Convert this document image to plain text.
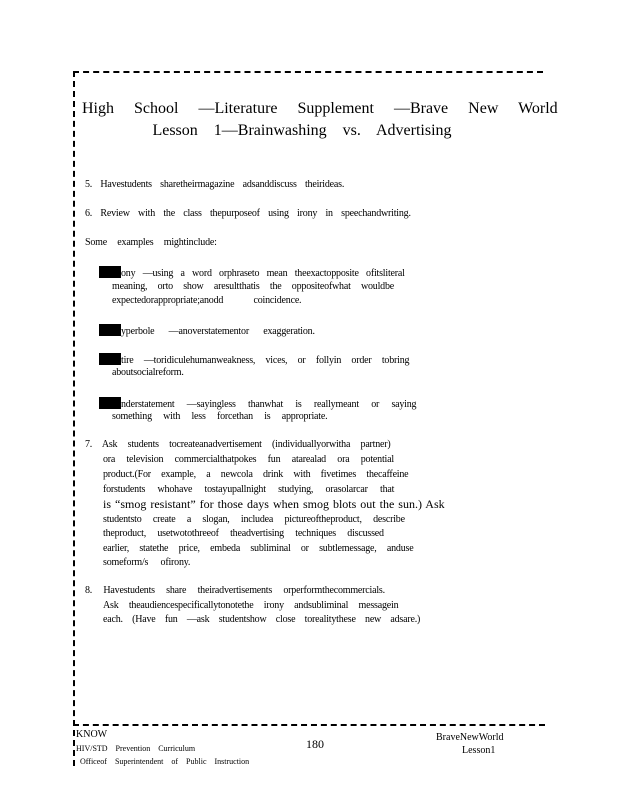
High School —Literature Supplement —Brave New World
Lesson 1—Brainwashing vs. Advertising
5. Havestudents sharetheirmagazine adsanddiscuss theirideas.
6. Review with the class thepurposeof using irony in speechandwriting.
Some examples mightinclude:
ony —using a word orphraseto mean theexactopposite ofitsliteral
meaning, orto show aresultthatis the oppositeofwhat wouldbe
expectedorappropriate;anodd coincidence.
yperbole —anoverstatementor exaggeration.
tire —toridiculehumanweakness, vices, or follyin order tobring
aboutsocialreform.
nderstatement —sayingless thanwhat is reallymeant or saying
something with less forcethan is appropriate.
7. Ask students tocreateanadvertisement (individuallyorwitha partner)
ora television commercialthatpokes fun atarealad ora potential
product.(For example, a newcola drink with fivetimes thecaffeine
forstudents whohave tostayupallnight studying, orasolarcar that
is “smog resistant” for those days when smog blots out the sun.) Ask
studentsto create a slogan, includea pictureoftheproduct, describe
theproduct, usetwotothreeof theadvertising techniques discussed
earlier, statethe price, embeda subliminal or subtlemessage, anduse
someform/s ofirony.
8. Havestudents share theiradvertisements orperformthecommercials.
Ask theaudiencespecificallytonotethe irony andsubliminal messagein
each. (Have fun —ask studentshow close torealitythese new adsare.)
KNOW
HIV/STD Prevention Curriculum
Officeof Superintendent of Public Instruction
180	BraveNewWorld
Lesson1
